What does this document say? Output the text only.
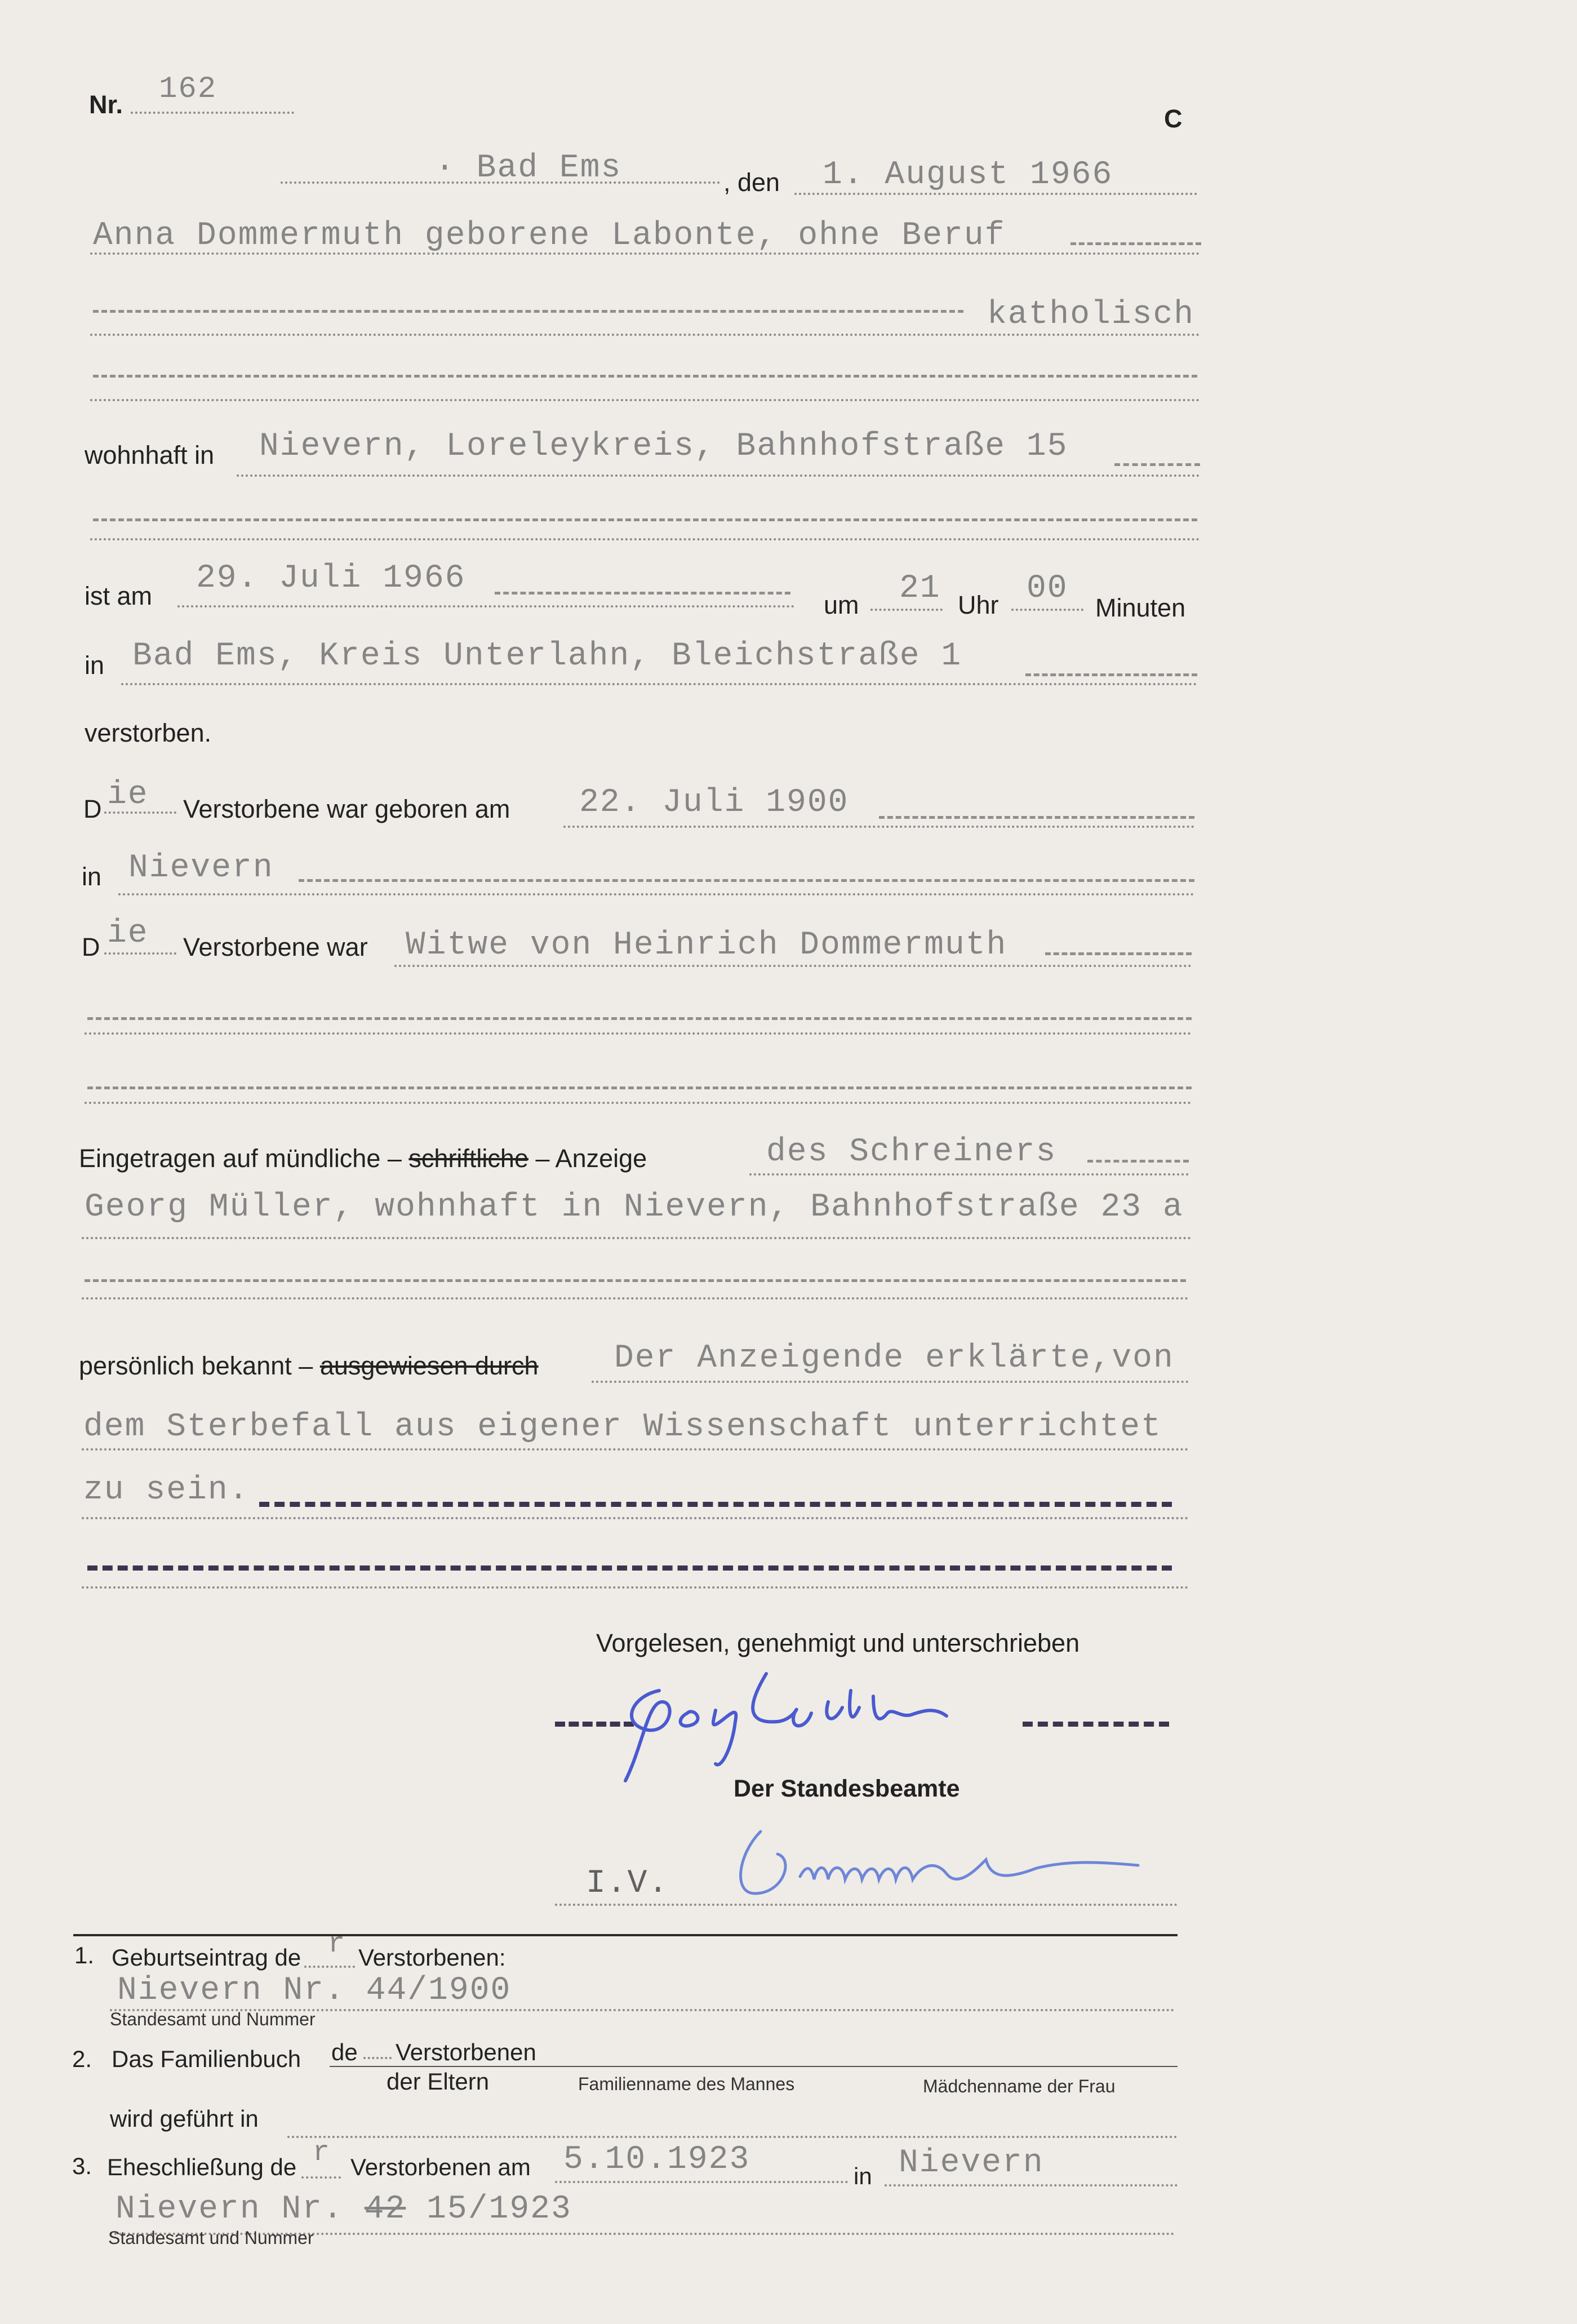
Nr. 162
C
· Bad Ems	, den 1. August 1966
Anna Dommermuth geborene Labonte, ohne Beruf
katholisch
wohnhaft in Nievern, Loreleykreis, Bahnhofstraße 15
ist am 29. Juli 1966
um 21 Uhr 00
Minuten
in Bad Ems, Kreis Unterlahn, Bleichstraße 1
verstorben.
D ie Verstorbene war geboren am 22. Juli 1900
in Nievern
D ie Verstorbene war Witwe von Heinrich Dommermuth
Eingetragen auf mündliche – schriftliche – Anzeige	des Schreiners
Georg Müller, wohnhaft in Nievern, Bahnhofstraße 23 a
persönlich bekannt – ausgewiesen durch Der Anzeigende erklärte,von
dem Sterbefall aus eigener Wissenschaft unterrichtet
zu sein.
Vorgelesen, genehmigt und unterschrieben
Der Standesbeamte
I.V.
1. Geburtseintrag de r Verstorbenen:
Nievern Nr. 44/1900
Standesamt und Nummer
2. Das Familienbuch de Verstorbenen
der Eltern	Familienname des Mannes	Mädchenname der Frau
wird geführt in
3. Eheschließung de r Verstorbenen am 5.10.1923	in Nievern
Nievern Nr. 42 15/1923
Standesamt und Nummer
